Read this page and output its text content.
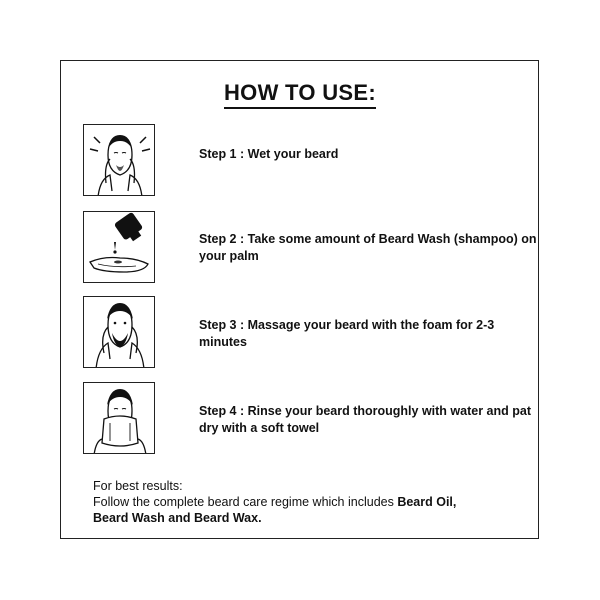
HOW TO USE:
Step 1 : Wet your beard
Step 2 : Take some amount of Beard Wash (shampoo) on your palm
Step 3 : Massage your beard with the foam for 2-3 minutes
Step 4 : Rinse your beard thoroughly with water and pat dry with a soft towel
For best results:
Follow the complete beard care regime which includes Beard Oil,
Beard Wash and Beard Wax.
